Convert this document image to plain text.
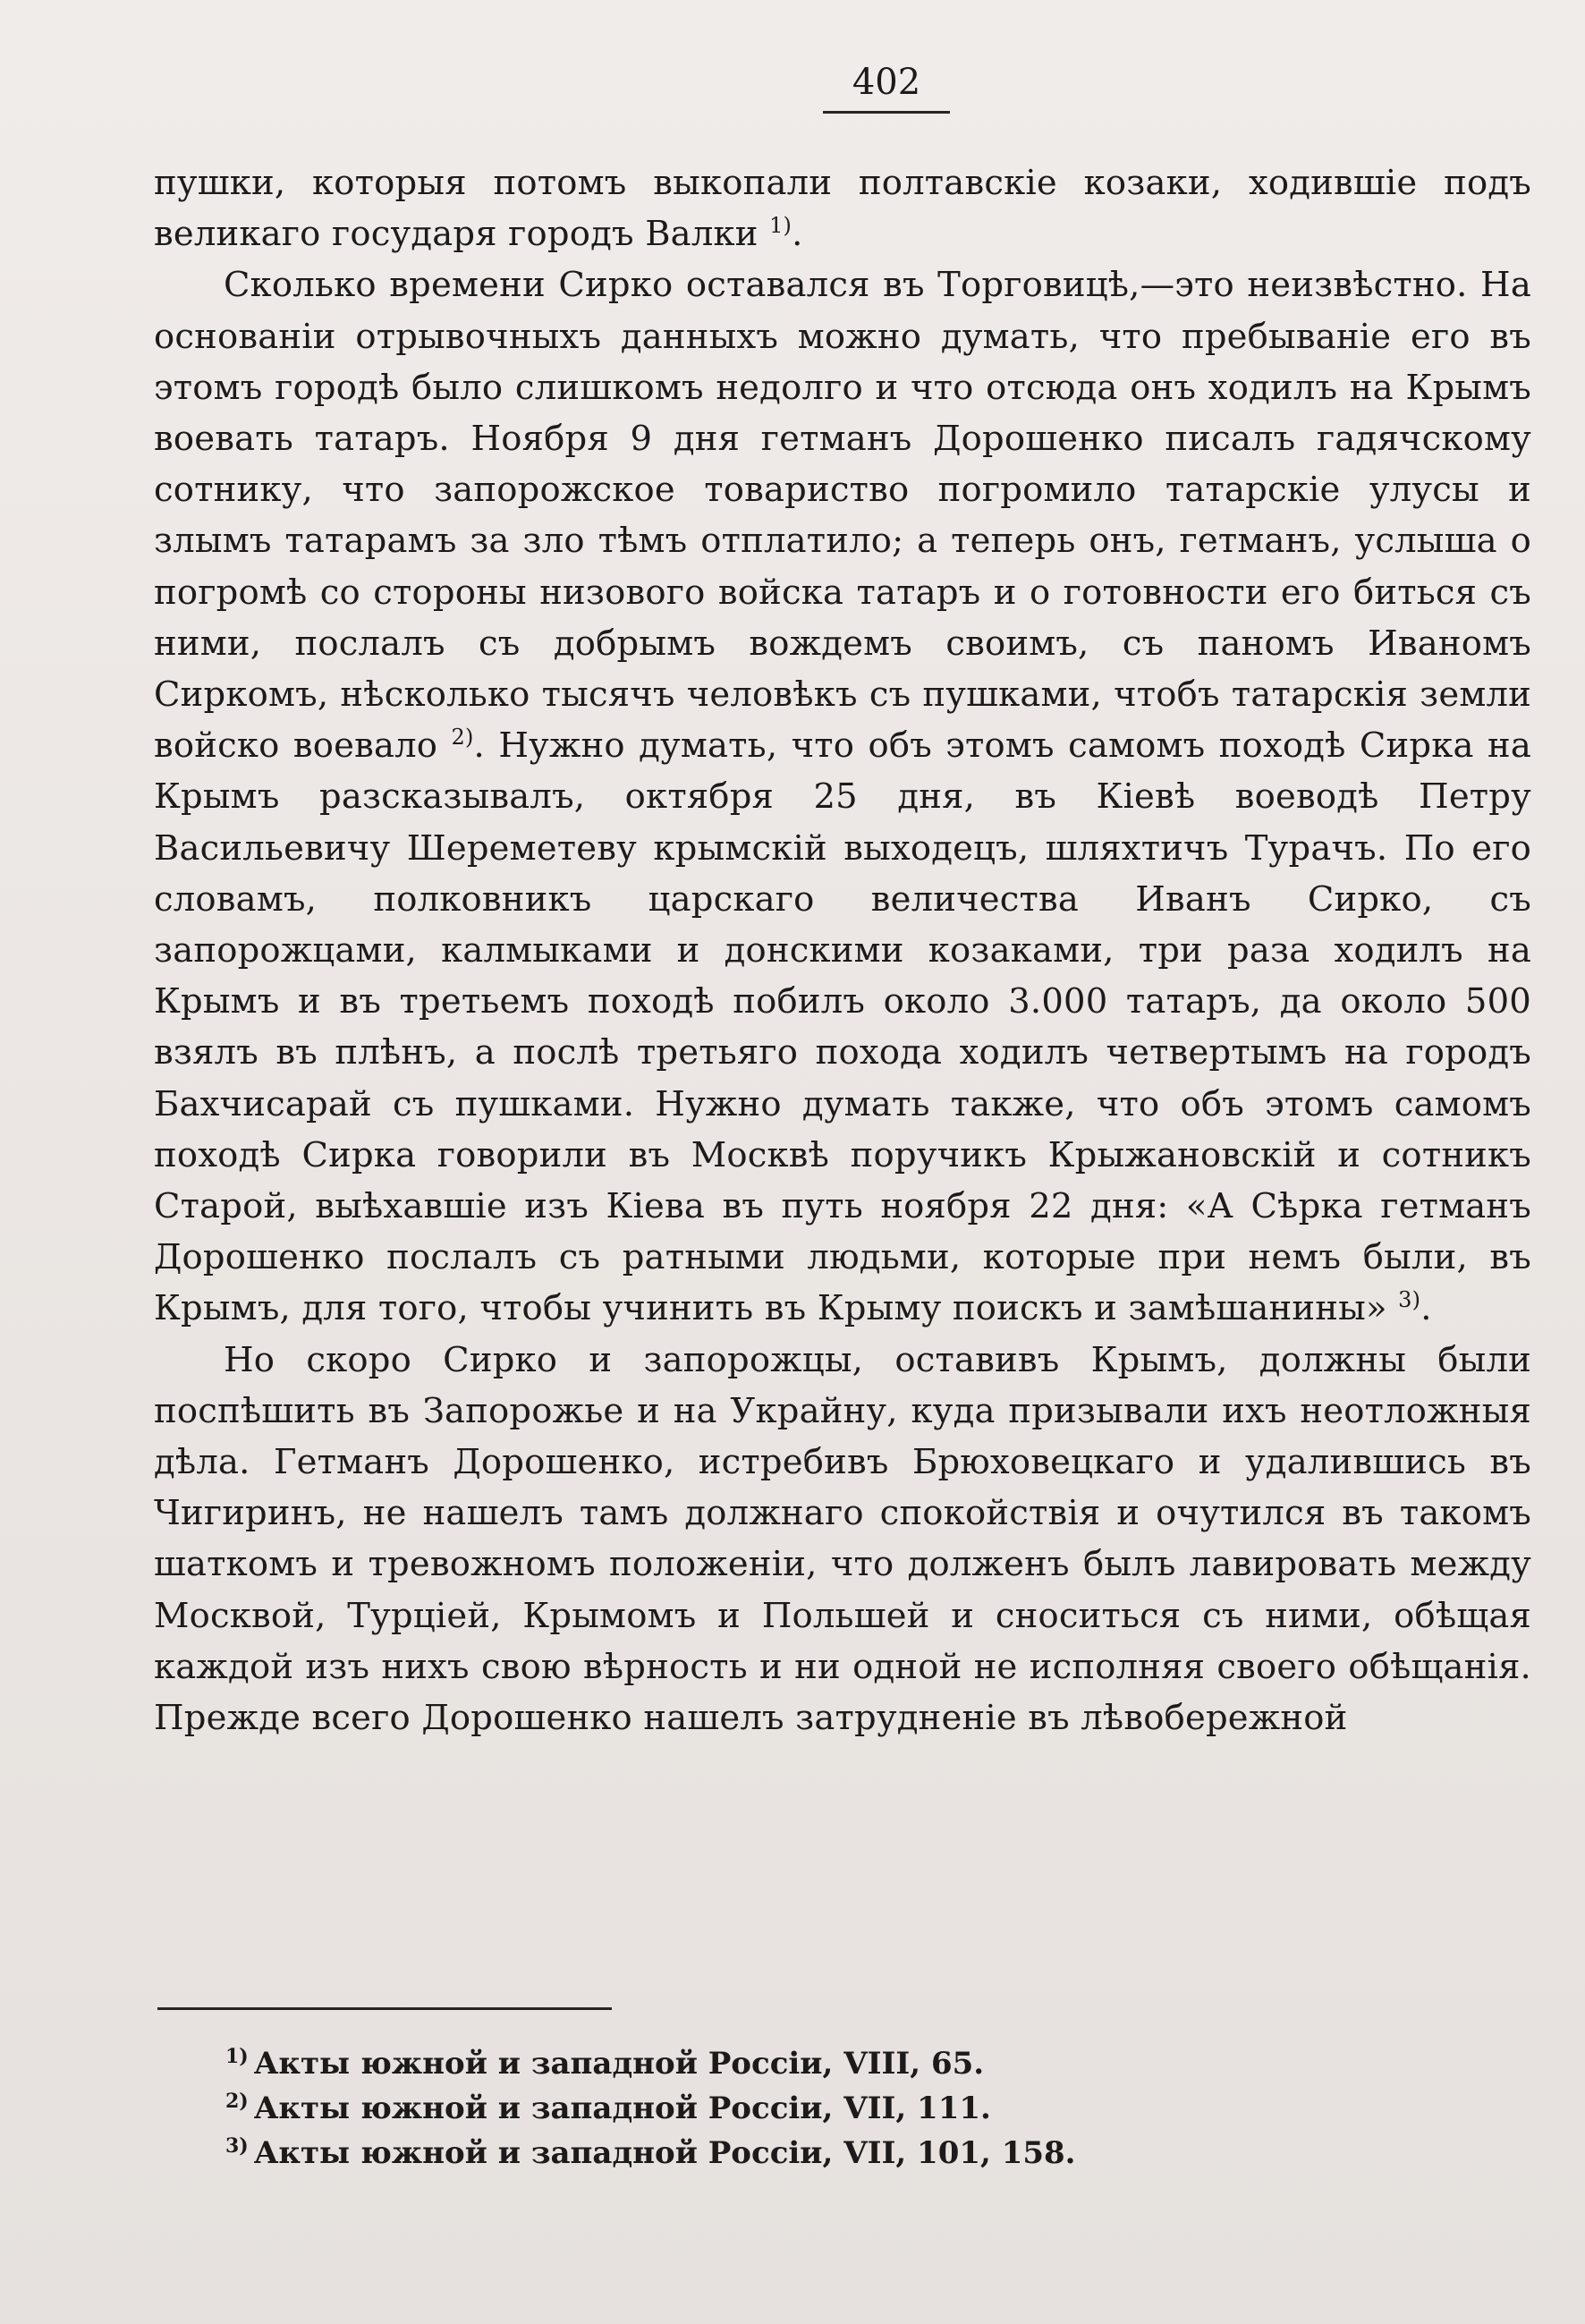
402

пушки, которыя потомъ выкопали полтавскіе козаки, ходившіе подъ великаго государя городъ Валки $^{1)}$.

Сколько времени Сирко оставался въ Торговицѣ,—это неизвѣстно. На основаніи отрывочныхъ данныхъ можно думать, что пребываніе его въ этомъ городѣ было слишкомъ недолго и что отсюда онъ ходилъ на Крымъ воевать татаръ. Ноября 9 дня гетманъ Дорошенко писалъ гадячскому сотнику, что запорожское товариство погромило татарскіе улусы и злымъ татарамъ за зло тѣмъ отплатило; а теперь онъ, гетманъ, услыша о погромѣ со стороны низового войска татаръ и о готовности его биться съ ними, послалъ съ добрымъ вождемъ своимъ, съ паномъ Иваномъ Сиркомъ, нѣсколько тысячъ человѣкъ съ пушками, чтобъ татарскія земли войско воевало $^{2)}$. Нужно думать, что объ этомъ самомъ походѣ Сирка на Крымъ разсказывалъ, октября 25 дня, въ Кіевѣ воеводѣ Петру Васильевичу Шереметеву крымскій выходецъ, шляхтичъ Турачъ. По его словамъ, полковникъ царскаго величества Иванъ Сирко, съ запорожцами, калмыками и донскими козаками, три раза ходилъ на Крымъ и въ третьемъ походѣ побилъ около 3.000 татаръ, да около 500 взялъ въ плѣнъ, а послѣ третьяго похода ходилъ четвертымъ на городъ Бахчисарай съ пушками. Нужно думать также, что объ этомъ самомъ походѣ Сирка говорили въ Москвѣ поручикъ Крыжановскій и сотникъ Старой, выѣхавшіе изъ Кіева въ путь ноября 22 дня: «А Сѣрка гетманъ Дорошенко послалъ съ ратными людьми, которые при немъ были, въ Крымъ, для того, чтобы учинить въ Крыму поискъ и замѣшанины» $^{3)}$.

Но скоро Сирко и запорожцы, оставивъ Крымъ, должны были поспѣшить въ Запорожье и на Украйну, куда призывали ихъ неотложныя дѣла. Гетманъ Дорошенко, истребивъ Брюховецкаго и удалившись въ Чигиринъ, не нашелъ тамъ должнаго спокойствія и очутился въ такомъ шаткомъ и тревожномъ положеніи, что долженъ былъ лавировать между Москвой, Турціей, Крымомъ и Польшей и сноситься съ ними, обѣщая каждой изъ нихъ свою вѣрность и ни одной не исполняя своего обѣщанія. Прежде всего Дорошенко нашелъ затрудненіе въ лѣвобережной

$^{1)}$ Акты южной и западной Россіи, VIII, 65.
$^{2)}$ Акты южной и западной Россіи, VII, 111.
$^{3)}$ Акты южной и западной Россіи, VII, 101, 158.
